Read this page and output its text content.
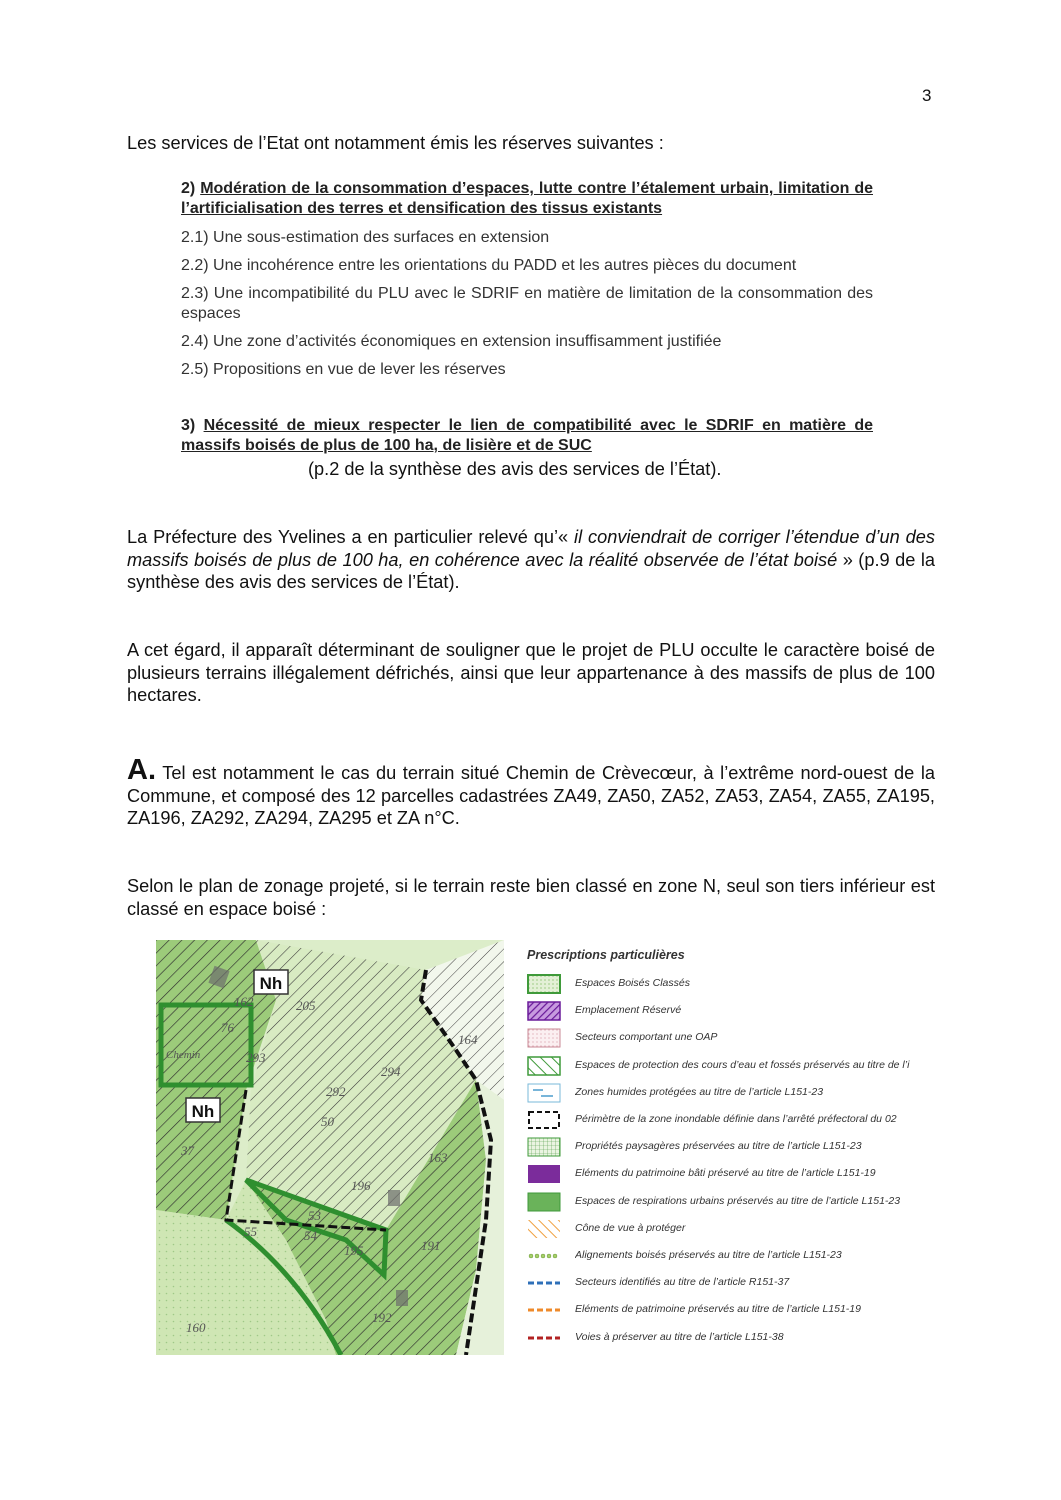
3
Les services de l’Etat ont notamment émis les réserves suivantes :
2) Modération de la consommation d’espaces, lutte contre l’étalement urbain, limitation de l’artificialisation des terres et densification des tissus existants
2.1) Une sous-estimation des surfaces en extension
2.2) Une incohérence entre les orientations du PADD et les autres pièces du document
2.3) Une incompatibilité du PLU avec le SDRIF en matière de limitation de la consommation des espaces
2.4) Une zone d’activités économiques en extension insuffisamment justifiée
2.5) Propositions en vue de lever les réserves
3) Nécessité de mieux respecter le lien de compatibilité avec le SDRIF en matière de massifs boisés de plus de 100 ha, de lisière et de SUC
(p.2 de la synthèse des avis des services de l’État).
La Préfecture des Yvelines a en particulier relevé qu’« il conviendrait de corriger l’étendue d’un des massifs boisés de plus de 100 ha, en cohérence avec la réalité observée de l’état boisé » (p.9 de la synthèse des avis des services de l’État).
A cet égard, il apparaît déterminant de souligner que le projet de PLU occulte le caractère boisé de plusieurs terrains illégalement défrichés, ainsi que leur appartenance à des massifs de plus de 100 hectares.
A. Tel est notamment le cas du terrain situé Chemin de Crèvecœur, à l’extrême nord-ouest de la Commune, et composé des 12 parcelles cadastrées ZA49, ZA50, ZA52, ZA53, ZA54, ZA55, ZA195, ZA196, ZA292, ZA294, ZA295 et ZA n°C.
Selon le plan de zonage projeté, si le terrain reste bien classé en zone N, seul son tiers inférieur est classé en espace boisé :
Nh
Nh
162	205
76
Chemin	293
294
164
292
50
37	163
196
53
55	54
195	191
192
160
Prescriptions particulières
Espaces Boisés Classés
Emplacement Réservé
Secteurs comportant une OAP
Espaces de protection des cours d’eau et fossés préservés au titre de l’i
Zones humides protégées au titre de l’article L151-23
Périmètre de la zone inondable définie dans l’arrêté préfectoral du 02
Propriétés paysagères préservées au titre de l’article L151-23
Eléments du patrimoine bâti préservé au titre de l’article L151-19
Espaces de respirations urbains préservés au titre de l’article L151-23
Cône de vue à protéger
Alignements boisés préservés au titre de l’article L151-23
Secteurs identifiés au titre de l’article R151-37
Eléments de patrimoine préservés au titre de l’article L151-19
Voies à préserver au titre de l’article L151-38
